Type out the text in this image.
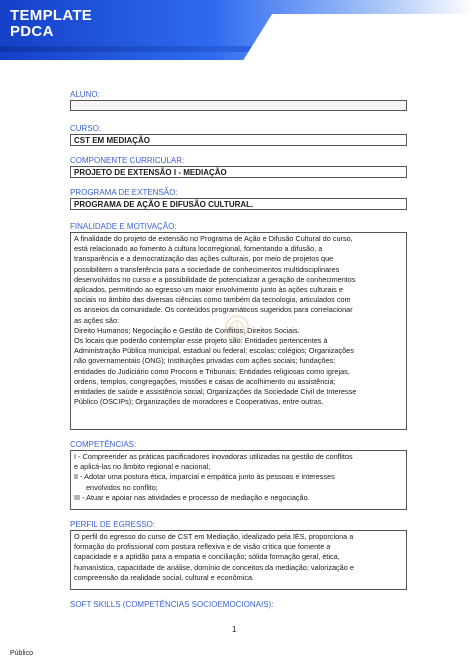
TEMPLATE
PDCA
ALUNO:
CURSO:
CST EM MEDIAÇÃO
COMPONENTE CURRICULAR:
PROJETO DE EXTENSÃO I - MEDIAÇÃO
PROGRAMA DE EXTENSÃO:
PROGRAMA DE AÇÃO E DIFUSÃO CULTURAL.
FINALIDADE E MOTIVAÇÃO:
A finalidade do projeto de extensão no Programa de Ação e Difusão Cultural do curso,
está relacionado ao fomento à cultura locorregional, fomentando a difusão, a
transparência e a democratização das ações culturais, por meio de projetos que
possibilitem a transferência para a sociedade de conhecimentos multidisciplinares
desenvolvidos no curso e a possibilidade de potencializar a geração de conhecimentos
aplicados, permitindo ao egresso um maior envolvimento junto às ações culturais e
sociais no âmbito das diversas ciências como também da tecnologia, articulados com
os anseios da comunidade. Os conteúdos programáticos sugeridos para correlacionar
as ações são:
Direito Humanos; Negociação e Gestão de Conflitos; Direitos Sociais.
Os locais que poderão contemplar esse projeto são: Entidades pertencentes à
Administração Pública municipal, estadual ou federal; escolas; colégios; Organizações
não governamentais (ONG); Instituições privadas com ações sociais; fundações;
entidades do Judiciário como Procons e Tribunais; Entidades religiosas como igrejas,
ordens, templos, congregações, missões e casas de acolhimento ou assistência;
entidades de saúde e assistência social; Organizações da Sociedade Civil de Interesse
Público (OSCIPs); Organizações de moradores e Cooperativas, entre outras.
COMPETÊNCIAS:
I - Compreender as práticas pacificadores inovadoras utilizadas na gestão de conflitos
e aplicá-las no âmbito regional e nacional;
II - Adotar uma postura ética, imparcial e empática junto às pessoas e interesses
envolvidos no conflito;
III - Atuar e apoiar nas atividades e processo de mediação e negociação.
PERFIL DE EGRESSO:
O perfil do egresso do curso de CST em Mediação, idealizado pela IES, proporciona a
formação do profissional com postura reflexiva e de visão crítica que fomente a
capacidade e a aptidão para a empatia e conciliação; sólida formação geral, ética,
humanística, capacidade de análise, domínio de conceitos da mediação; valorização e
compreensão da realidade social, cultural e econômica.
SOFT SKILLS (COMPETÊNCIAS SOCIOEMOCIONAIS):
1
Público
